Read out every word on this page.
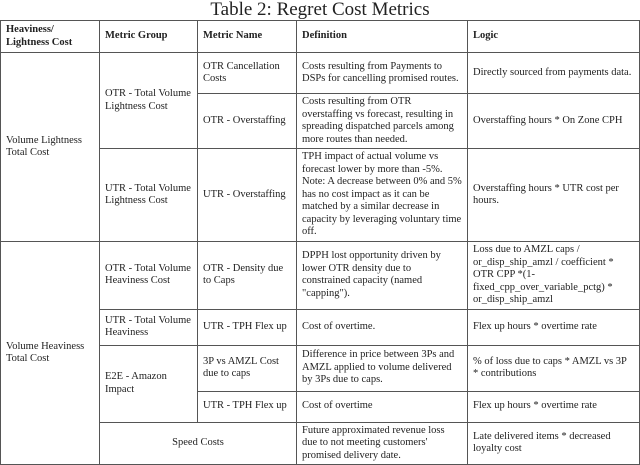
Table 2: Regret Cost Metrics
Heaviness/ Lightness Cost	Metric Group	Metric Name	Definition	Logic
Volume Lightness Total Cost	OTR - Total Volume Lightness Cost	OTR Cancellation Costs	Costs resulting from Payments to DSPs for cancelling promised routes.	Directly sourced from payments data.
		OTR - Overstaffing	Costs resulting from OTR overstaffing vs forecast, resulting in spreading dispatched parcels among more routes than needed.	Overstaffing hours * On Zone CPH
	UTR - Total Volume Lightness Cost	UTR - Overstaffing	TPH impact of actual volume vs forecast lower by more than -5%. Note: A decrease between 0% and 5% has no cost impact as it can be matched by a similar decrease in capacity by leveraging voluntary time off.	Overstaffing hours * UTR cost per hours.
Volume Heaviness Total Cost	OTR - Total Volume Heaviness Cost	OTR - Density due to Caps	DPPH lost opportunity driven by lower OTR density due to constrained capacity (named "capping").	Loss due to AMZL caps / or_disp_ship_amzl / coefficient * OTR CPP *(1-fixed_cpp_over_variable_pctg) * or_disp_ship_amzl
	UTR - Total Volume Heaviness	UTR - TPH Flex up	Cost of overtime.	Flex up hours * overtime rate
	E2E - Amazon Impact	3P vs AMZL Cost due to caps	Difference in price between 3Ps and AMZL applied to volume delivered by 3Ps due to caps.	% of loss due to caps * AMZL vs 3P * contributions
		UTR - TPH Flex up	Cost of overtime	Flex up hours * overtime rate
	Speed Costs		Future approximated revenue loss due to not meeting customers' promised delivery date.	Late delivered items * decreased loyalty cost
